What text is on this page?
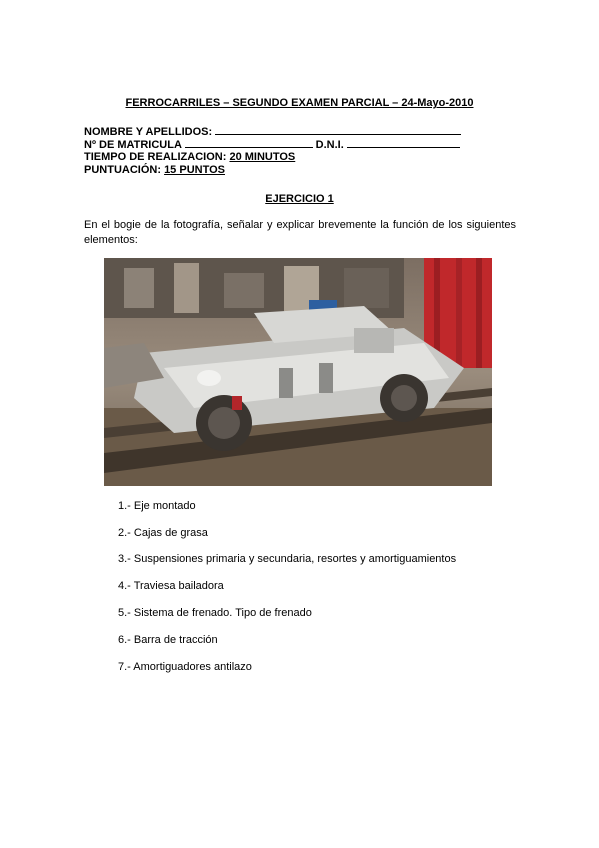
FERROCARRILES – SEGUNDO EXAMEN PARCIAL – 24-Mayo-2010
NOMBRE Y APELLIDOS:
Nº DE MATRICULA	D.N.I.
TIEMPO DE REALIZACION: 20 MINUTOS
PUNTUACIÓN: 15 PUNTOS
EJERCICIO 1
En el bogie de la fotografía, señalar y explicar brevemente la función de los siguientes elementos:
1.- Eje montado
2.- Cajas de grasa
3.- Suspensiones primaria y secundaria, resortes y amortiguamientos
4.- Traviesa bailadora
5.- Sistema de frenado. Tipo de frenado
6.- Barra de tracción
7.- Amortiguadores antilazo
